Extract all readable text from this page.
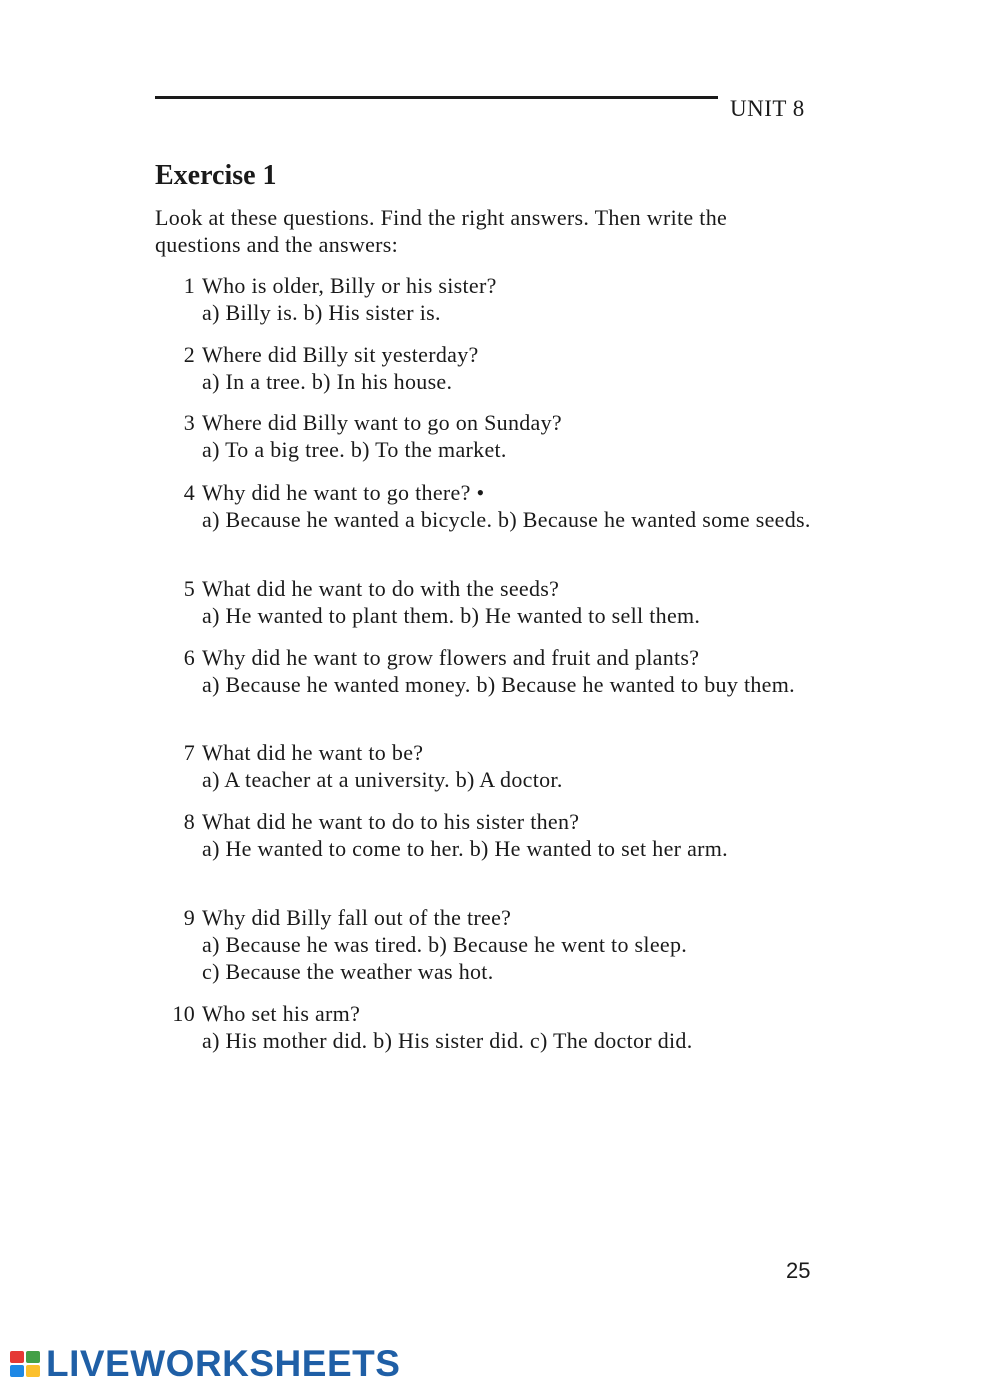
UNIT 8
Exercise 1
Look at these questions. Find the right answers. Then write the questions and the answers:
1 Who is older, Billy or his sister?
a) Billy is. b) His sister is.
2 Where did Billy sit yesterday?
a) In a tree. b) In his house.
3 Where did Billy want to go on Sunday?
a) To a big tree. b) To the market.
4 Why did he want to go there? •
a) Because he wanted a bicycle. b) Because he wanted some seeds.
5 What did he want to do with the seeds?
a) He wanted to plant them. b) He wanted to sell them.
6 Why did he want to grow flowers and fruit and plants?
a) Because he wanted money. b) Because he wanted to buy them.
7 What did he want to be?
a) A teacher at a university. b) A doctor.
8 What did he want to do to his sister then?
a) He wanted to come to her. b) He wanted to set her arm.
9 Why did Billy fall out of the tree?
a) Because he was tired. b) Because he went to sleep.
c) Because the weather was hot.
10 Who set his arm?
a) His mother did. b) His sister did. c) The doctor did.
25
LIVEWORKSHEETS
